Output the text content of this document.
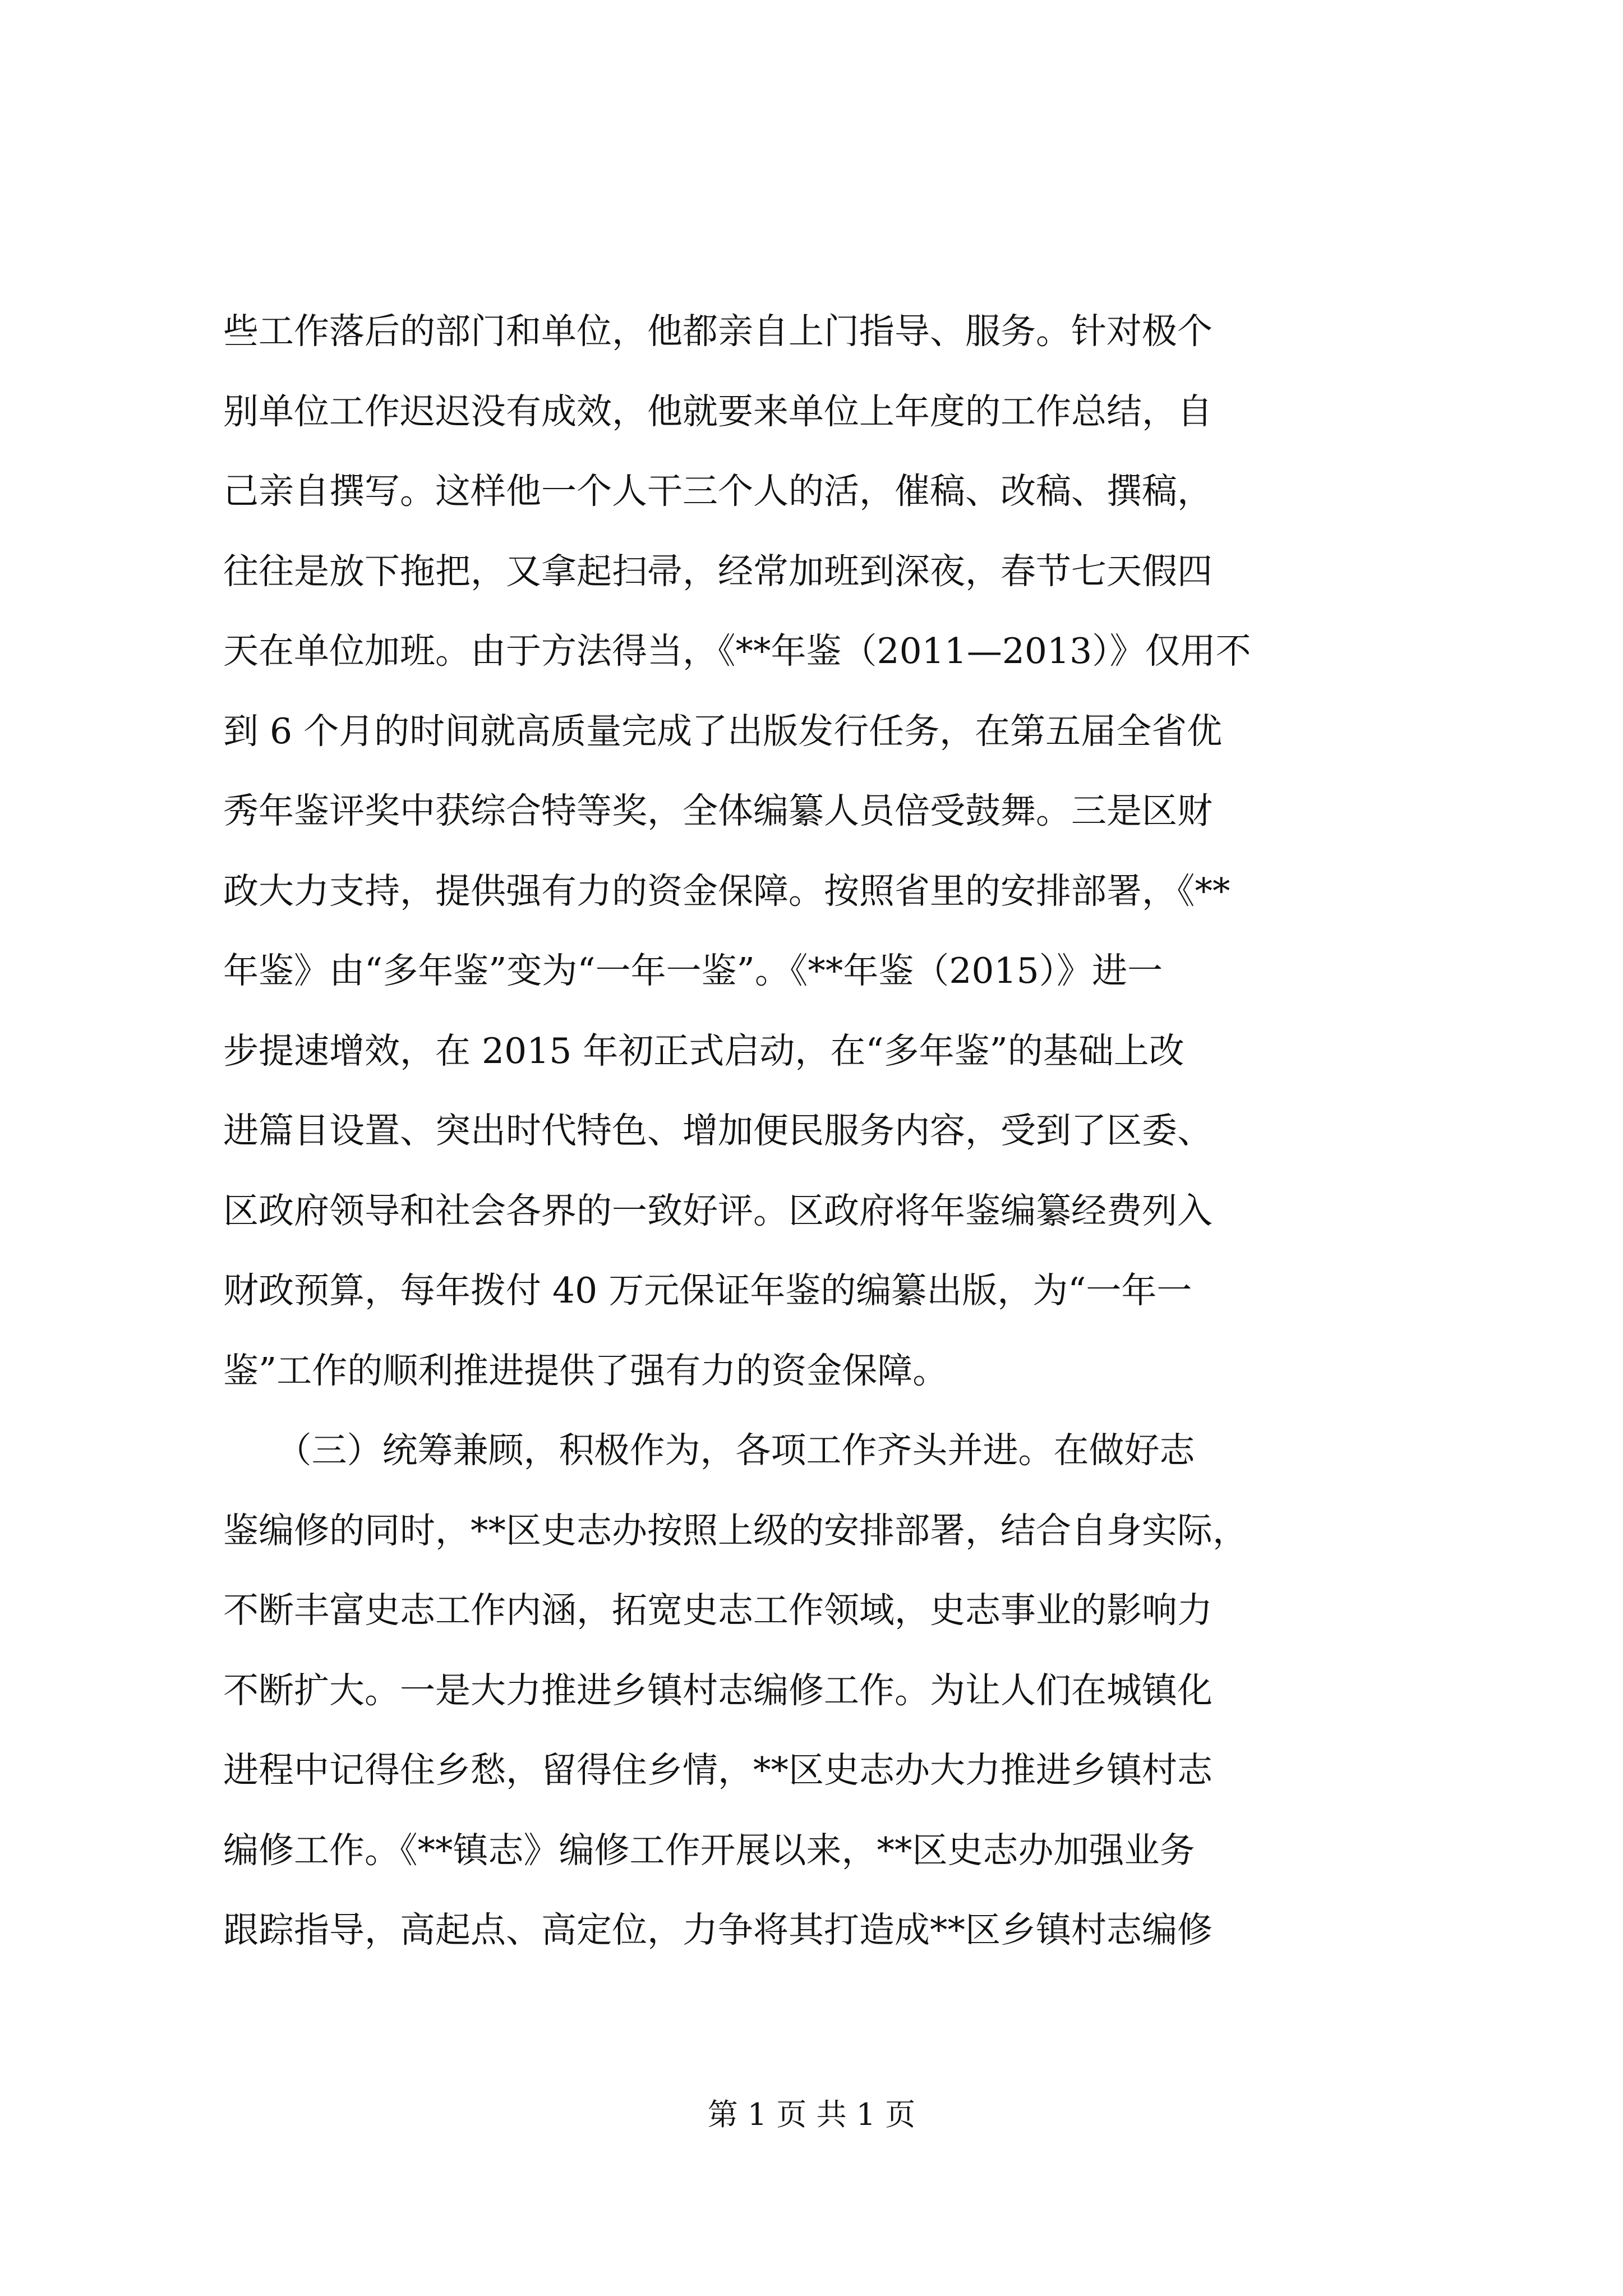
些工作落后的部门和单位，他都亲自上门指导、服务。针对极个
别单位工作迟迟没有成效，他就要来单位上年度的工作总结，自
己亲自撰写。这样他一个人干三个人的活，催稿、改稿、撰稿，
往往是放下拖把，又拿起扫帚，经常加班到深夜，春节七天假四
天在单位加班。由于方法得当，《**年鉴（2011—2013）》仅用不
到 6 个月的时间就高质量完成了出版发行任务，在第五届全省优
秀年鉴评奖中获综合特等奖，全体编纂人员倍受鼓舞。三是区财
政大力支持，提供强有力的资金保障。按照省里的安排部署，《**
年鉴》由“多年鉴”变为“一年一鉴”。《**年鉴（2015）》进一
步提速增效，在 2015 年初正式启动，在“多年鉴”的基础上改
进篇目设置、突出时代特色、增加便民服务内容，受到了区委、
区政府领导和社会各界的一致好评。区政府将年鉴编纂经费列入
财政预算，每年拨付 40 万元保证年鉴的编纂出版，为“一年一
鉴”工作的顺利推进提供了强有力的资金保障。
　　（三）统筹兼顾，积极作为，各项工作齐头并进。在做好志
鉴编修的同时，**区史志办按照上级的安排部署，结合自身实际，
不断丰富史志工作内涵，拓宽史志工作领域，史志事业的影响力
不断扩大。一是大力推进乡镇村志编修工作。为让人们在城镇化
进程中记得住乡愁，留得住乡情，**区史志办大力推进乡镇村志
编修工作。《**镇志》编修工作开展以来，**区史志办加强业务
跟踪指导，高起点、高定位，力争将其打造成**区乡镇村志编修
第 1 页 共 1 页
